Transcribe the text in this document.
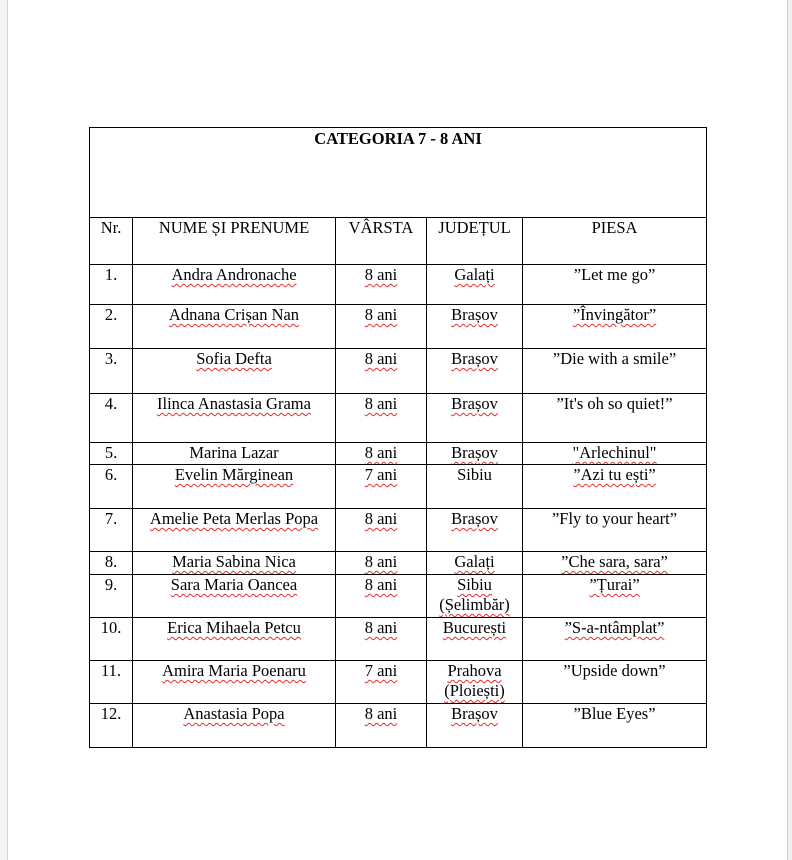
CATEGORIA 7 - 8 ANI				
Nr.	NUME ȘI PRENUME	VÂRSTA	JUDEȚUL	PIESA
1.	Andra Andronache	8 ani	Galați	”Let me go”
2.	Adnana Crișan Nan	8 ani	Brașov	”Învingător”
3.	Sofia Defta	8 ani	Brașov	”Die with a smile”
4.	Ilinca Anastasia Grama	8 ani	Brașov	”It's oh so quiet!”
5.	Marina Lazar	8 ani	Brașov	"Arlechinul"
6.	Evelin Mărginean	7 ani	Sibiu	”Azi tu ești”
7.	Amelie Peta Merlas Popa	8 ani	Brașov	”Fly to your heart”
8.	Maria Sabina Nica	8 ani	Galați	”Che sara, sara”
9.	Sara Maria Oancea	8 ani	Sibiu (Șelimbăr)	”Țurai”
10.	Erica Mihaela Petcu	8 ani	București	”S-a-ntâmplat”
11.	Amira Maria Poenaru	7 ani	Prahova (Ploiești)	”Upside down”
12.	Anastasia Popa	8 ani	Brașov	”Blue Eyes”
